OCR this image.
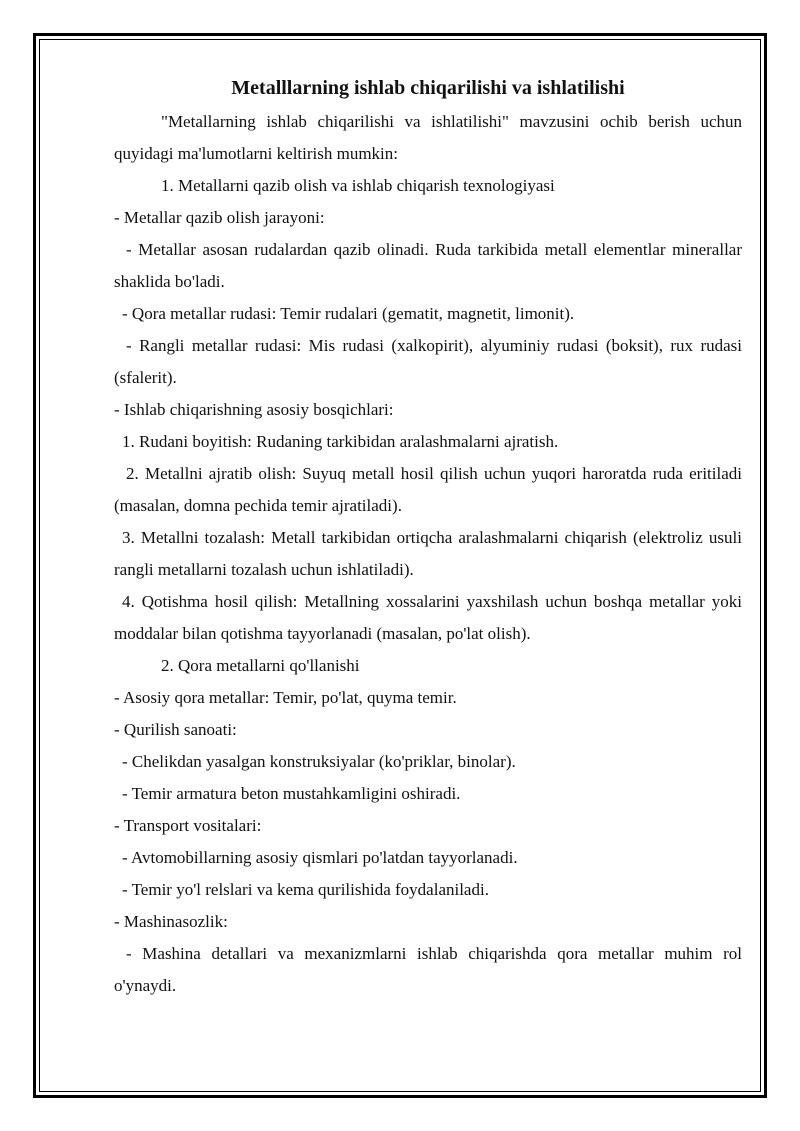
Metalllarning ishlab chiqarilishi va ishlatilishi

"Metallarning ishlab chiqarilishi va ishlatilishi" mavzusini ochib berish uchun quyidagi ma'lumotlarni keltirish mumkin:

1. Metallarni qazib olish va ishlab chiqarish texnologiyasi

- Metallar qazib olish jarayoni:

- Metallar asosan rudalardan qazib olinadi. Ruda tarkibida metall elementlar minerallar shaklida bo'ladi.

- Qora metallar rudasi: Temir rudalari (gematit, magnetit, limonit).

- Rangli metallar rudasi: Mis rudasi (xalkopirit), alyuminiy rudasi (boksit), rux rudasi (sfalerit).

- Ishlab chiqarishning asosiy bosqichlari:

1. Rudani boyitish: Rudaning tarkibidan aralashmalarni ajratish.

2. Metallni ajratib olish: Suyuq metall hosil qilish uchun yuqori haroratda ruda eritiladi (masalan, domna pechida temir ajratiladi).

3. Metallni tozalash: Metall tarkibidan ortiqcha aralashmalarni chiqarish (elektroliz usuli rangli metallarni tozalash uchun ishlatiladi).

4. Qotishma hosil qilish: Metallning xossalarini yaxshilash uchun boshqa metallar yoki moddalar bilan qotishma tayyorlanadi (masalan, po'lat olish).

2. Qora metallarni qo'llanishi

- Asosiy qora metallar: Temir, po'lat, quyma temir.

- Qurilish sanoati:

- Chelikdan yasalgan konstruksiyalar (ko'priklar, binolar).

- Temir armatura beton mustahkamligini oshiradi.

- Transport vositalari:

- Avtomobillarning asosiy qismlari po'latdan tayyorlanadi.

- Temir yo'l relslari va kema qurilishida foydalaniladi.

- Mashinasozlik:

- Mashina detallari va mexanizmlarni ishlab chiqarishda qora metallar muhim rol o'ynaydi.
